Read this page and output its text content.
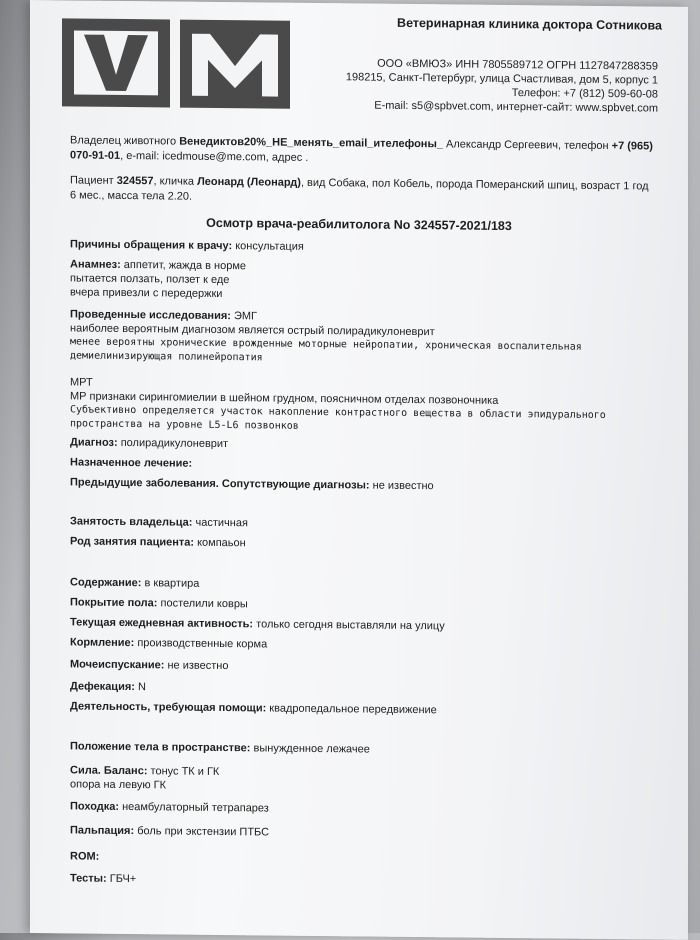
Ветеринарная клиника доктора Сотникова
ООО «ВМЮЗ» ИНН 7805589712 ОГРН 1127847288359
198215, Санкт-Петербург, улица Счастливая, дом 5, корпус 1
Телефон: +7 (812) 509-60-08
E-mail: s5@spbvet.com, интернет-сайт: www.spbvet.com
Владелец животного Венедиктов20%_НЕ_менять_email_ителефоны_ Александр Сергеевич, телефон +7 (965)
070-91-01, e-mail: icedmouse@me.com, адрес .
Пациент 324557, кличка Леонард (Леонард), вид Собака, пол Кобель, порода Померанский шпиц, возраст 1 год
6 мес., масса тела 2.20.
Осмотр врача-реабилитолога No 324557-2021/183
Причины обращения к врачу: консультация
Анамнез: аппетит, жажда в норме
пытается ползать, ползет к еде
вчера привезли с передержки
Проведенные исследования: ЭМГ
наиболее вероятным диагнозом является острый полирадикулоневрит
менее вероятны хронические врожденные моторные нейропатии, хроническая воспалительная
демиелинизирующая полинейропатия
МРТ
МР признаки сирингомиелии в шейном грудном, поясничном отделах позвоночника
Субъективно определяется участок накопление контрастного вещества в области эпидурального
пространства на уровне L5-L6 позвонков
Диагноз: полирадикулоневрит
Назначенное лечение:
Предыдущие заболевания. Сопутствующие диагнозы: не известно
Занятость владельца: частичная
Род занятия пациента: компаьон
Содержание: в квартира
Покрытие пола: постелили ковры
Текущая ежедневная активность: только сегодня выставляли на улицу
Кормление: производственные корма
Мочеиспускание: не известно
Дефекация: N
Деятельность, требующая помощи: квадропедальное передвижение
Положение тела в пространстве: вынужденное лежачее
Сила. Баланс: тонус ТК и ГК
опора на левую ГК
Походка: неамбулаторный тетрапарез
Пальпация: боль при экстензии ПТБС
ROM:
Тесты: ГБЧ+
